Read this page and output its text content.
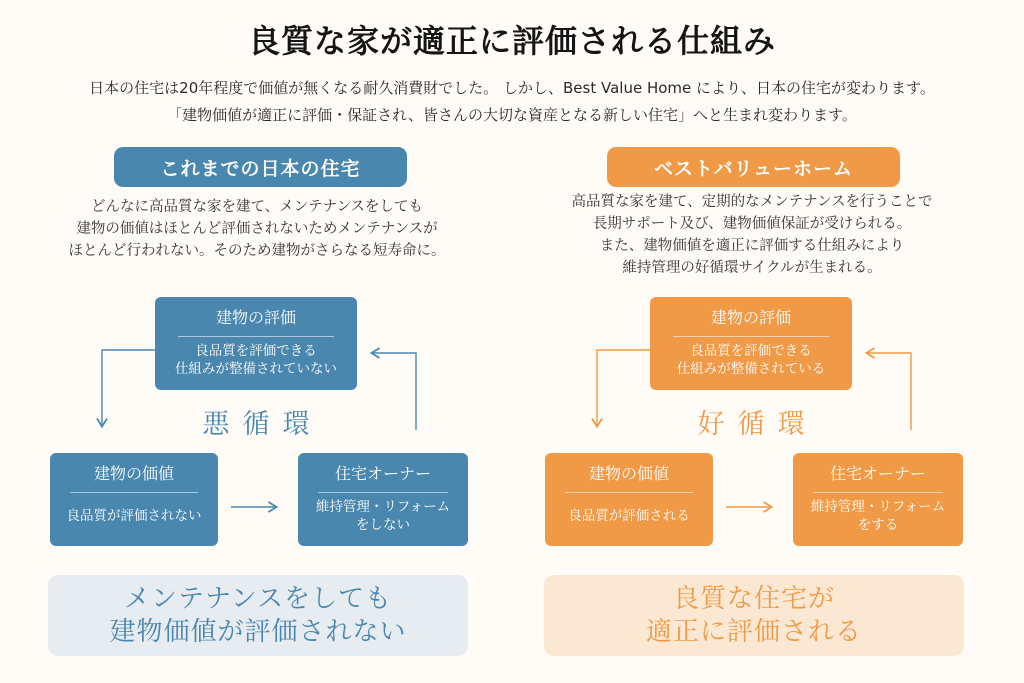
良質な家が適正に評価される仕組み

日本の住宅は20年程度で価値が無くなる耐久消費財でした。 しかし、Best Value Home により、日本の住宅が変わります。

「建物価値が適正に評価・保証され、皆さんの大切な資産となる新しい住宅」へと生まれ変わります。

これまでの日本の住宅	ベストバリューホーム
どんなに高品質な家を建て、メンテナンスをしても
建物の価値はほとんど評価されないためメンテナンスが
ほとんど行われない。そのため建物がさらなる短寿命に。
高品質な家を建て、定期的なメンテナンスを行うことで
長期サポート及び、建物価値保証が受けられる。
また、建物価値を適正に評価する仕組みにより
維持管理の好循環サイクルが生まれる。
建物の評価
良品質を評価できる
仕組みが整備されていない
悪循環
建物の価値
良品質が評価されない
住宅オーナー
維持管理・リフォーム
をしない
建物の評価
良品質を評価できる
仕組みが整備されている
好循環
建物の価値
良品質が評価される
住宅オーナー
維持管理・リフォーム
をする
メンテナンスをしても
建物価値が評価されない
良質な住宅が
適正に評価される
